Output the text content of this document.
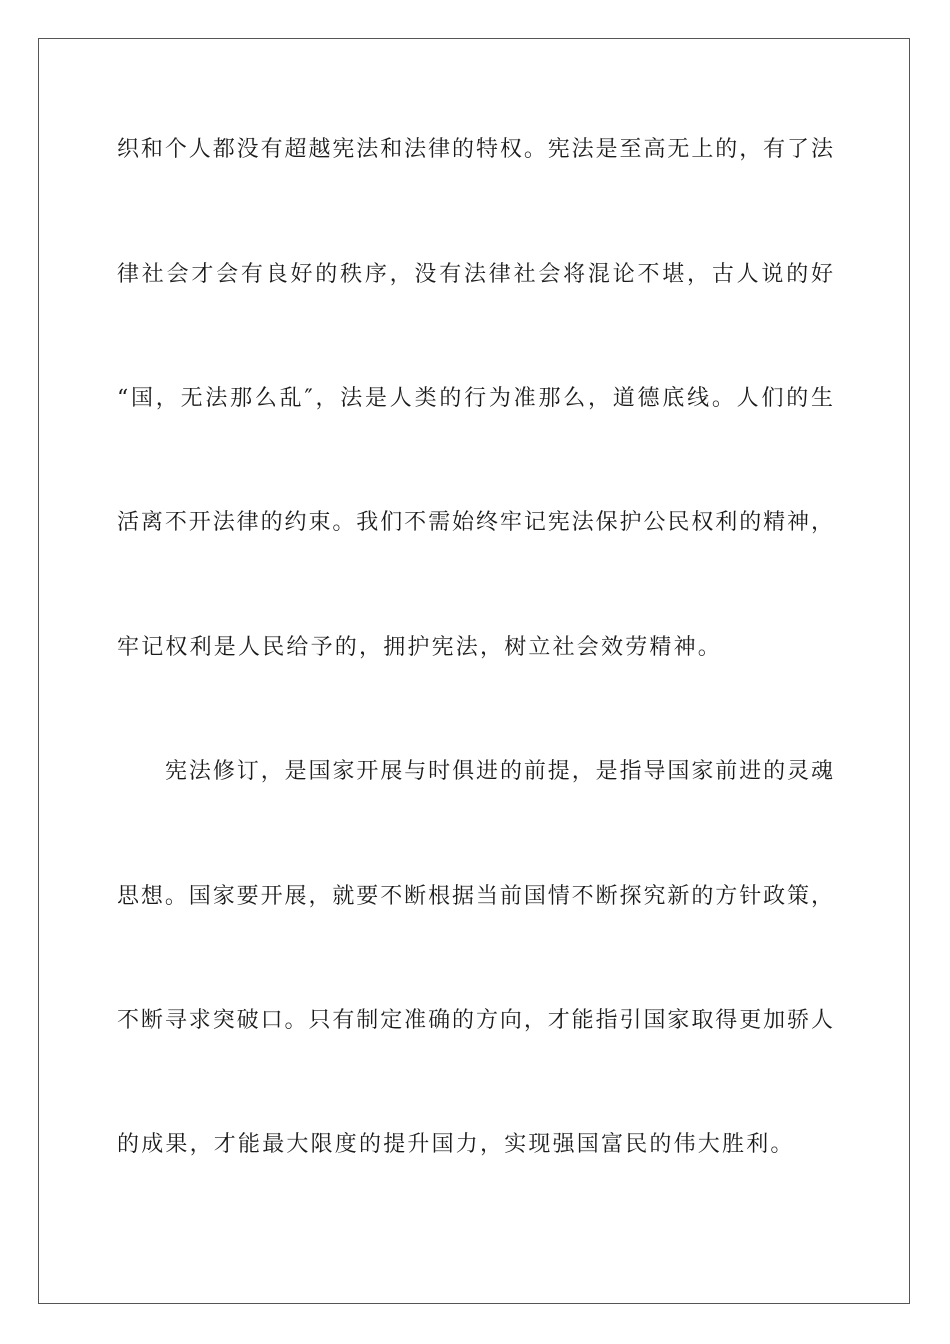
织和个人都没有超越宪法和法律的特权。宪法是至高无上的，有了法
律社会才会有良好的秩序，没有法律社会将混论不堪，古人说的好
“国，无法那么乱″，法是人类的行为准那么，道德底线。人们的生
活离不开法律的约束。我们不需始终牢记宪法保护公民权利的精神，
牢记权利是人民给予的，拥护宪法，树立社会效劳精神。
宪法修订，是国家开展与时俱进的前提，是指导国家前进的灵魂
思想。国家要开展，就要不断根据当前国情不断探究新的方针政策，
不断寻求突破口。只有制定准确的方向，才能指引国家取得更加骄人
的成果，才能最大限度的提升国力，实现强国富民的伟大胜利。
